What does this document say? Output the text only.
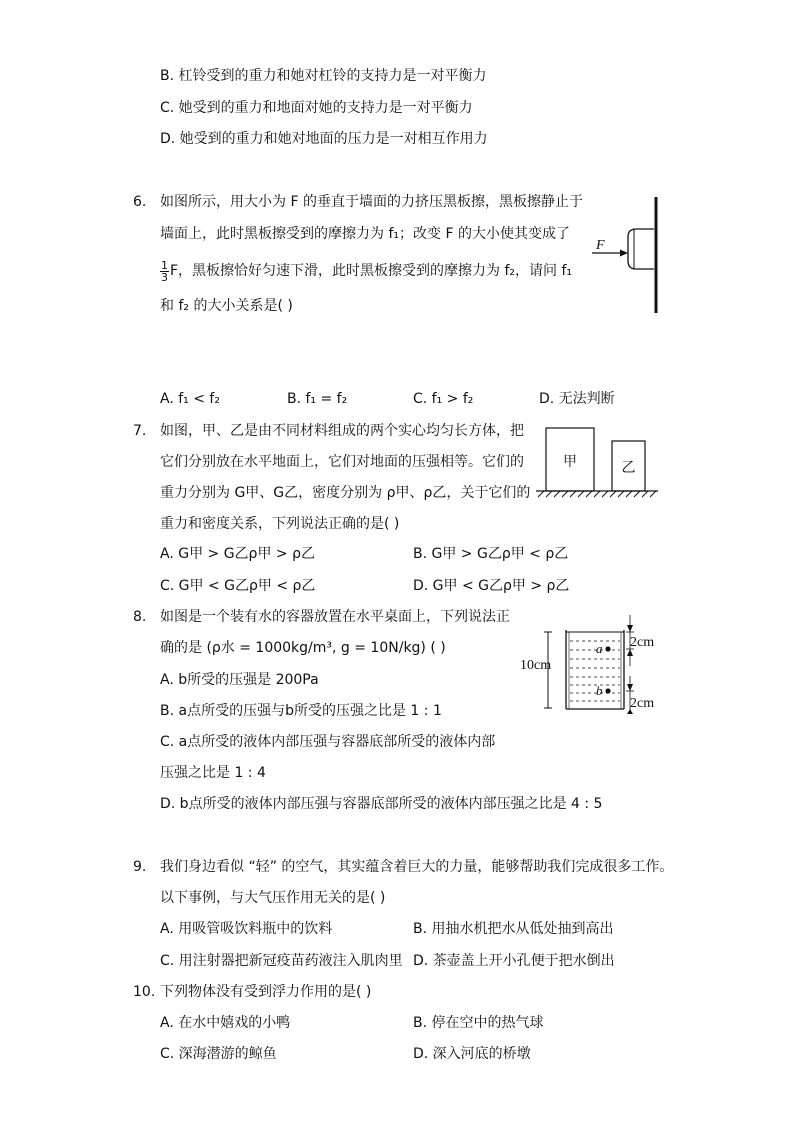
B. 杠铃受到的重力和她对杠铃的支持力是一对平衡力
C. 她受到的重力和地面对她的支持力是一对平衡力
D. 她受到的重力和她对地面的压力是一对相互作用力
6. 如图所示，用大小为 F 的垂直于墙面的力挤压黑板擦，黑板擦静止于
墙面上，此时黑板擦受到的摩擦力为 f₁；改变 F 的大小使其变成了
$\frac{1}{3}$ F，黑板擦恰好匀速下滑，此时黑板擦受到的摩擦力为 f₂，请问 f₁
和 f₂ 的大小关系是( )
F
A. f₁ < f₂	B. f₁ = f₂	C. f₁ > f₂	D. 无法判断
7. 如图，甲、乙是由不同材料组成的两个实心均匀长方体，把
它们分别放在水平地面上，它们对地面的压强相等。它们的
重力分别为 G甲、G乙，密度分别为 ρ甲、ρ乙，关于它们的
重力和密度关系，下列说法正确的是( )
甲	乙
A. G甲 > G乙ρ甲 > ρ乙	B. G甲 > G乙ρ甲 < ρ乙
C. G甲 < G乙ρ甲 < ρ乙	D. G甲 < G乙ρ甲 > ρ乙
8. 如图是一个装有水的容器放置在水平桌面上，下列说法正
确的是 (ρ水 = 1000kg/m³, g = 10N/kg) ( )
A. b所受的压强是 200Pa
B. a点所受的压强与b所受的压强之比是 1 : 1
C. a点所受的液体内部压强与容器底部所受的液体内部
压强之比是 1 : 4
D. b点所受的液体内部压强与容器底部所受的液体内部压强之比是 4 : 5
10cm
a
b
2cm
2cm
9. 我们身边看似 “轻” 的空气，其实蕴含着巨大的力量，能够帮助我们完成很多工作。
以下事例，与大气压作用无关的是( )
A. 用吸管吸饮料瓶中的饮料	B. 用抽水机把水从低处抽到高出
C. 用注射器把新冠疫苗药液注入肌肉里 D. 茶壶盖上开小孔便于把水倒出
10. 下列物体没有受到浮力作用的是( )
A. 在水中嬉戏的小鸭	B. 停在空中的热气球
C. 深海潜游的鲸鱼	D. 深入河底的桥墩
